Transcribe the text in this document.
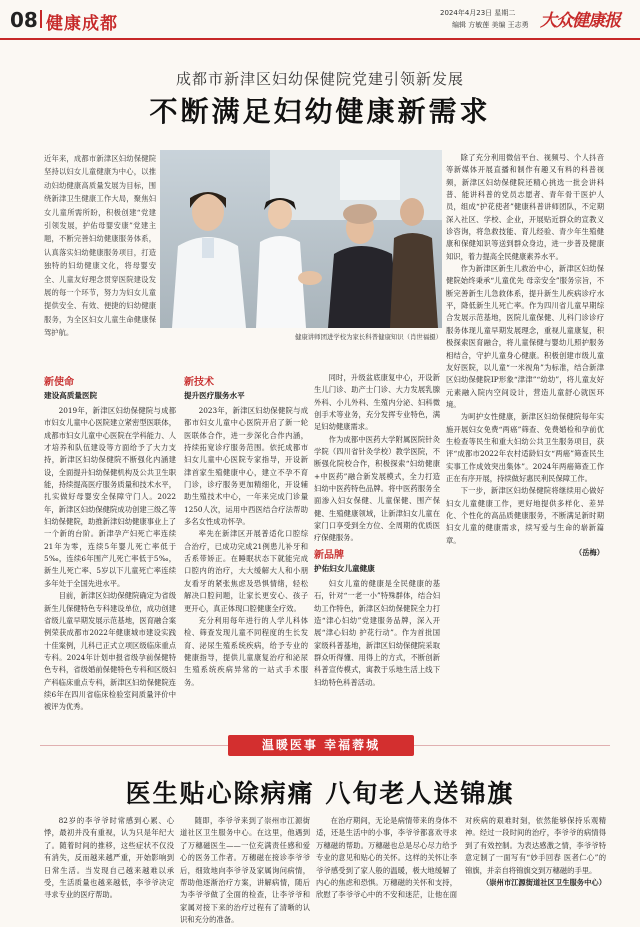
08 健康成都
2024年4月23日 星期二
编辑 方敏莲 美编 王志勇 大众健康报
成都市新津区妇幼保健院党建引领新发展
不断满足妇幼健康新需求
近年来，成都市新津区妇幼保健院坚持以妇女儿童健康为中心，以推动妇幼健康高质量发展为目标，围绕新津卫生健康工作大局，聚焦妇女儿童所需所盼，积极创建“党建引领发展，护佑母婴安康”党建主题，不断完善妇幼健康服务体系，认真落实妇幼健康服务项目，打造独特的妇幼健康文化，将母婴安全、儿童友好理念贯穿医院建设发展的每一个环节，努力为妇女儿童提供安全、有效、便捷的妇幼健康服务，为全区妇女儿童生命健康保驾护航。	健康讲师团进学校为家长科普健康知识（肖世福摄）
新使命
建设高质量医院

2019年，新津区妇幼保健院与成都市妇女儿童中心医院建立紧密型医联体，成都市妇女儿童中心医院在学科能力、人才培养和队伍建设等方面给予了大力支持，新津区妇幼保健院不断强化内涵建设，全面提升妇幼保健机构及公共卫生职能，持续提高医疗服务质量和技术水平，扎实做好母婴安全保障守门人。2022年，新津区妇幼保健院成功创建三级乙等妇幼保健院，助推新津妇幼健康事业上了一个新的台阶。新津孕产妇死亡率连续21年为零，连续5年婴儿死亡率低于5‰，连续6年围产儿死亡率低于5‰，新生儿死亡率、5岁以下儿童死亡率连续多年处于全国先进水平。

目前，新津区妇幼保健院确定为省级新生儿保健特色专科建设单位，成功创建省级儿童早期发展示范基地，医育融合案例荣获成都市2022年健康城市建设实践十佳案例，儿科已正式立项区级临床重点专科。2024年计划申报省级孕前保健特色专科，省级婚前保健特色专科和区级妇产科临床重点专科，新津区妇幼保健院连续6年在四川省临床检验室间质量评价中被评为优秀。

新技术
提升医疗服务水平

2023年，新津区妇幼保健院与成都市妇女儿童中心医院开启了新一轮医联体合作，进一步深化合作内涵，持续拓宽诊疗服务范围。依托成都市妇女儿童中心医院专家指导，开设新津首家生殖健康中心，建立不孕不育门诊，诊疗服务更加精细化，开设辅助生殖技术中心，一年来完成门诊量1250人次，运用中西医结合疗法帮助多名女性成功怀孕。

率先在新津区开展普适化口腔综合治疗，已成功完成21例患儿补牙和舌系带矫正。在睡眠状态下就能完成口腔内的治疗，大大缓解大人和小朋友看牙的紧张焦虑及恐惧情绪，轻松解决口腔问题，让家长更安心、孩子更开心，真正体现口腔健康全疗效。

充分利用每年进行的人学儿科体检、筛查发现儿童不同程度的生长发育、泌尿生殖系统疾病，给予专业的健康指导，提供儿童康复治疗和泌尿生殖系统疾病异常的一站式手术服务。

同时，升级盆底康复中心，开设新生儿门诊、助产士门诊、大力发展乳腺外科、小儿外科、生殖内分泌、妇科微创手术等业务，充分发挥专业特色，满足妇幼健康需求。

作为成都中医药大学附属医院针灸学院（四川省针灸学校）教学医院，不断强化院校合作，积极探索“妇幼健康+中医药”融合新发展模式，全力打造妇幼中医药特色品牌。将中医药服务全面渗入妇女保健、儿童保健、围产保健、生殖健康领域，让新津妇女儿童在家门口享受到全方位、全周期的优质医疗保健服务。

新品牌
护佑妇女儿童健康

妇女儿童的健康是全民健康的基石，针对“一老一小”特殊群体，结合妇幼工作特色，新津区妇幼保健院全力打造“津心妇幼”党建服务品牌，深入开展“津心妇幼 护花行动”。作为首批国家级科普基地，新津区妇幼保健院采取群众听得懂、用得上的方式，不断创新科普宣传模式，寓教于乐地生活上线下妇幼特色科普活动。

除了充分利用微信平台、视频号、个人抖音等新媒体开展直播和制作有趣又有料的科普视频，新津区妇幼保健院还精心挑选一批会讲科普、能讲科普的党员志愿者、青年骨干医护人员，组成“护花使者”健康科普讲师团队，不定期深入社区、学校、企业，开展贴近群众的宣教义诊咨询，将急救技能、育儿经验、青少年生殖健康和保健知识等送到群众身边，进一步普及健康知识，着力提高全民健康素养水平。

作为新津区新生儿救治中心，新津区妇幼保健院始终秉承“儿童优先 母亲安全”服务宗旨，不断完善新生儿急救体系，提升新生儿疾病诊疗水平，降低新生儿死亡率。作为四川省儿童早期综合发展示范基地，医院儿童保健、儿科门诊诊疗服务体现儿童早期发展理念，重视儿童康复，积极探索医育融合，将儿童保健与婴幼儿照护服务相结合，守护儿童身心健康。积极创建市级儿童友好医院，以儿童“一米视角”为标准，结合新津区妇幼保健院IP形象“津津”“幼幼”，将儿童友好元素融入院内空间设计，营造儿童舒心就医环境。

为呵护女性健康，新津区妇幼保健院每年实施开展妇女免费“两癌”筛查、免费婚检和孕前优生检查等民生和重大妇幼公共卫生服务项目，获评“成都市2022年农村适龄妇女“两癌”筛查民生实事工作成效突出集体”。2024年两癌筛查工作正在有序开展，持续做好惠民利民保障工作。

下一步，新津区妇幼保健院将继续用心做好妇女儿童健康工作，更好地提供多样化、差异化、个性化的高品质健康服务，不断满足新时期妇女儿童的健康需求，续写爱与生命的崭新篇章。

（岳梅）
温暖医事 幸福蓉城
医生贴心除病痛 八旬老人送锦旗

82岁的李爷爷时常感到心累、心悸，最初并没有重视，认为只是年纪大了。随着时间的推移，这些症状不仅没有消失，反而越来越严重，开始影响到日常生活。当发现自己越来越难以承受，生活质量也越来越低，李爷爷决定寻求专业的医疗帮助。

随即，李爷爷来到了崇州市江源街道社区卫生服务中心。在这里，他遇到了万穗磁医生——一位充满责任感和爱心的医务工作者。万穗磁在接诊李爷爷后，细致地向李爷爷及家属询问病情，帮助他逐渐治疗方案，讲解病情，随后为李爷爷做了全面的检查，让李爷爷和家属对接下来的治疗过程有了清晰的认识和充分的准备。

在治疗期间，无论是病情带来的身体不适，还是生活中的小事，李爷爷都喜欢寻求万穗磁的帮助。万穗磁也总是尽心尽力给予专业的意见和贴心的关怀。这样的关怀让李爷爷感受到了家人般的温暖，极大地缓解了内心的焦虑和恐惧。万穗磁的关怀和支持，欣慰了李爷爷心中的不安和迷茫，让他在面对疾病的艰难时刻，依然能够保持乐观精神。经过一段时间的治疗，李爷爷的病情得到了有效控制。为表达感激之情，李爷爷特意定制了一面写有“妙手回春 医者仁心”的锦旗，并亲自将锦旗交到万穗磁的手里。

（崇州市江源街道社区卫生服务中心）
